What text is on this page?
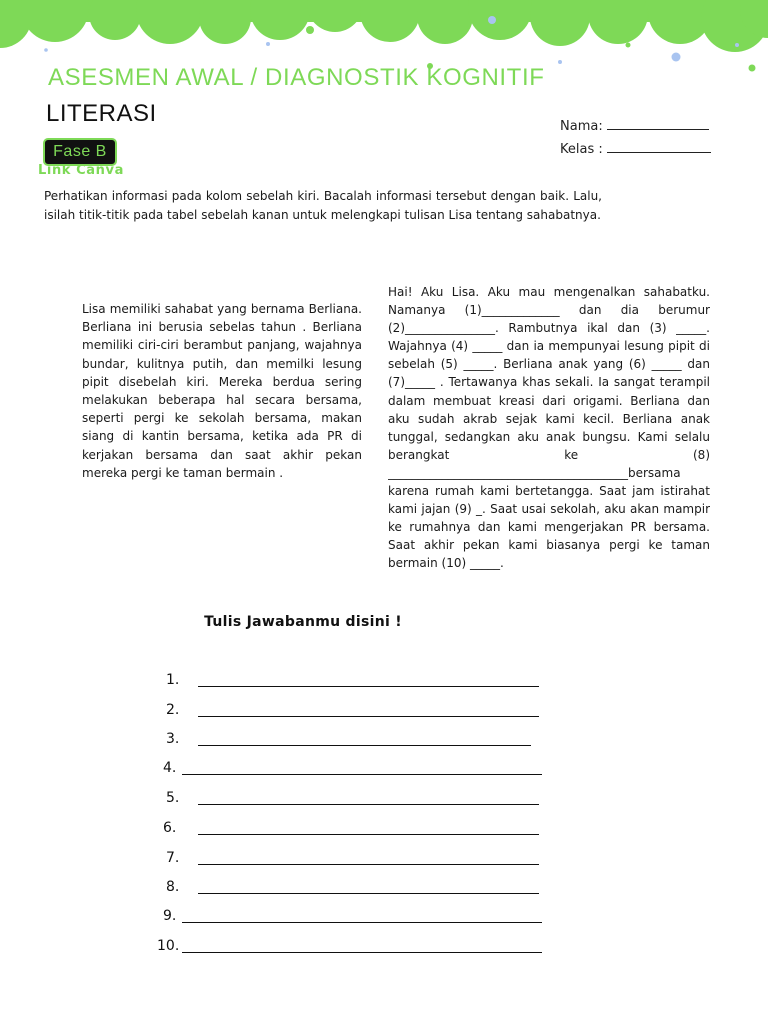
ASESMEN AWAL / DIAGNOSTIK KOGNITIF
LITERASI
Fase B
Link Canva
Nama:
Kelas :

Perhatikan informasi pada kolom sebelah kiri. Bacalah informasi tersebut dengan baik. Lalu, isilah titik-titik pada tabel sebelah kanan untuk melengkapi tulisan Lisa tentang sahabatnya.

Lisa memiliki sahabat yang bernama Berliana. Berliana ini berusia sebelas tahun . Berliana memiliki ciri-ciri berambut panjang, wajahnya bundar, kulitnya putih, dan memilki lesung pipit disebelah kiri. Mereka berdua sering melakukan beberapa hal secara bersama, seperti pergi ke sekolah bersama, makan siang di kantin bersama, ketika ada PR di kerjakan bersama dan saat akhir pekan mereka pergi ke taman bermain .

Hai! Aku Lisa. Aku mau mengenalkan sahabatku. Namanya (1)_____________ dan dia berumur (2)_______________. Rambutnya ikal dan (3) _____. Wajahnya (4) _____ dan ia mempunyai lesung pipit di sebelah (5) _____. Berliana anak yang (6) _____ dan (7)_____ . Tertawanya khas sekali. Ia sangat terampil dalam membuat kreasi dari origami. Berliana dan aku sudah akrab sejak kami kecil. Berliana anak tunggal, sedangkan aku anak bungsu. Kami selalu berangkat ke (8) ________________________________________bersama karena rumah kami bertetangga. Saat jam istirahat kami jajan (9) _. Saat usai sekolah, aku akan mampir ke rumahnya dan kami mengerjakan PR bersama. Saat akhir pekan kami biasanya pergi ke taman bermain (10) _____.

Tulis Jawabanmu disini !

1.
2.
3.
4.
5.
6.
7.
8.
9.
10.
